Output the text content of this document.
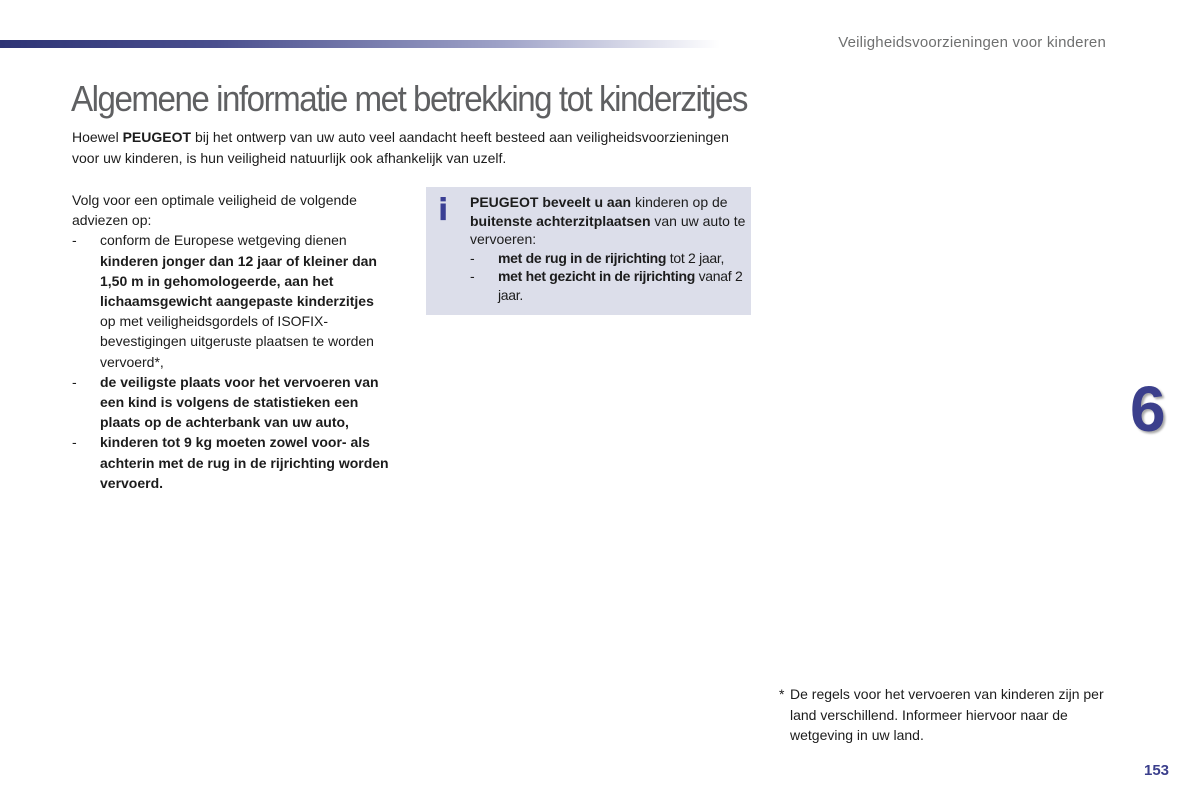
Veiligheidsvoorzieningen voor kinderen
Algemene informatie met betrekking tot kinderzitjes

Hoewel PEUGEOT bij het ontwerp van uw auto veel aandacht heeft besteed aan veiligheidsvoorzieningen voor uw kinderen, is hun veiligheid natuurlijk ook afhankelijk van uzelf.

Volg voor een optimale veiligheid de volgende adviezen op:

- conform de Europese wetgeving dienen kinderen jonger dan 12 jaar of kleiner dan 1,50 m in gehomologeerde, aan het lichaamsgewicht aangepaste kinderzitjes op met veiligheidsgordels of ISOFIX-bevestigingen uitgeruste plaatsen te worden vervoerd*,
- de veiligste plaats voor het vervoeren van een kind is volgens de statistieken een plaats op de achterbank van uw auto,
- kinderen tot 9 kg moeten zowel voor- als achterin met de rug in de rijrichting worden vervoerd.
i PEUGEOT beveelt u aan kinderen op de buitenste achterzitplaatsen van uw auto te vervoeren:

- met de rug in de rijrichting tot 2 jaar,
- met het gezicht in de rijrichting vanaf 2 jaar.
6

* De regels voor het vervoeren van kinderen zijn per land verschillend. Informeer hiervoor naar de wetgeving in uw land.

153
